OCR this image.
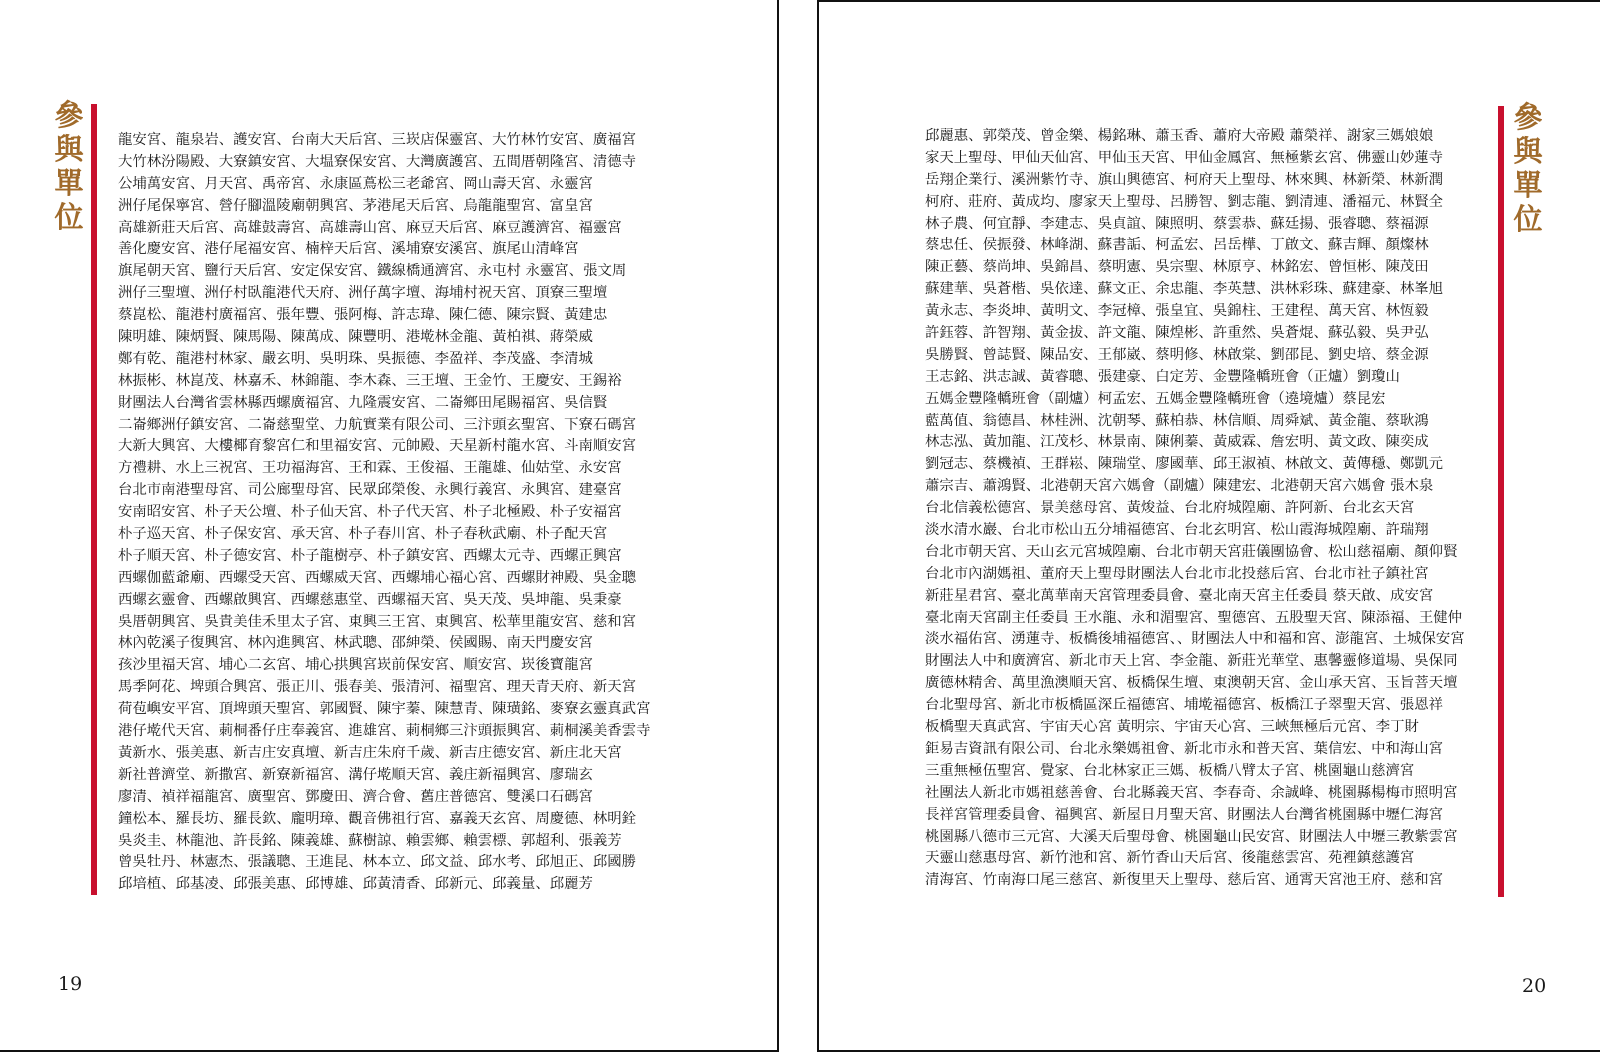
參
與
單
位
龍安宮、龍泉岩、護安宮、台南大天后宮、三崁店保靈宮、大竹林竹安宮、廣福宮
大竹林汾陽殿、大寮鎮安宮、大塭寮保安宮、大灣廣護宮、五間厝朝隆宮、清德寺
公埔萬安宮、月天宮、禹帝宮、永康區蔦松三老爺宮、岡山壽天宮、永靈宮
洲仔尾保寧宮、營仔腳溫陵廟朝興宮、茅港尾天后宮、烏龍龍聖宮、富皇宮
高雄新莊天后宮、高雄鼓壽宮、高雄壽山宮、麻豆天后宮、麻豆護濟宮、福靈宮
善化慶安宮、港仔尾福安宮、楠梓天后宮、溪埔寮安溪宮、旗尾山清峰宮
旗尾朝天宮、鹽行天后宮、安定保安宮、鐵線橋通濟宮、永屯村 永靈宮、張文周
洲仔三聖壇、洲仔村臥龍港代天府、洲仔萬字壇、海埔村祝天宮、頂寮三聖壇
蔡崑松、龍港村廣福宮、張年豐、張阿梅、許志瑋、陳仁德、陳宗賢、黃建忠
陳明雄、陳炳賢、陳馬陽、陳萬成、陳豐明、港墘林金龍、黃柏祺、蔣榮威
鄭有乾、龍港村林家、嚴玄明、吳明珠、吳振德、李盈祥、李茂盛、李清城
林振彬、林崑茂、林嘉禾、林錦龍、李木森、三王壇、王金竹、王慶安、王錫裕
財團法人台灣省雲林縣西螺廣福宮、九隆震安宮、二崙鄉田尾賜福宮、吳信賢
二崙鄉洲仔鎮安宮、二崙慈聖堂、力航實業有限公司、三汴頭玄聖宮、下寮石碼宮
大新大興宮、大樓椰育黎宮仁和里福安宮、元帥殿、天星新村龍水宮、斗南順安宮
方禮耕、水上三祝宮、王功福海宮、王和霖、王俊福、王龍雄、仙姑堂、永安宮
台北市南港聖母宮、司公廊聖母宮、民眾邱榮俊、永興行義宮、永興宮、建臺宮
安南昭安宮、朴子天公壇、朴子仙天宮、朴子代天宮、朴子北極殿、朴子安福宮
朴子巡天宮、朴子保安宮、承天宮、朴子春川宮、朴子春秋武廟、朴子配天宮
朴子順天宮、朴子德安宮、朴子龍樹亭、朴子鎮安宮、西螺太元寺、西螺正興宮
西螺伽藍爺廟、西螺受天宮、西螺威天宮、西螺埔心福心宮、西螺財神殿、吳金聰
西螺玄靈會、西螺啟興宮、西螺慈惠堂、西螺福天宮、吳天茂、吳坤龍、吳秉豪
吳厝朝興宮、吳貴美佳禾里太子宮、東興三王宮、東興宮、松華里龍安宮、慈和宮
林內乾溪子復興宮、林內進興宮、林武聰、邵紳榮、侯國賜、南天門慶安宮
孩沙里福天宮、埔心二玄宮、埔心拱興宮崁前保安宮、順安宮、崁後寶龍宮
馬季阿花、埤頭合興宮、張正川、張春美、張清河、福聖宮、理天青天府、新天宮
荷苞嶼安平宮、頂埤頭天聖宮、郭國賢、陳宇蓁、陳慧青、陳璜銘、麥寮玄靈真武宮
港仔墘代天宮、莿桐番仔庄奉義宮、進雄宮、莿桐鄉三汴頭振興宮、莿桐溪美香雲寺
黃新水、張美惠、新吉庄安真壇、新吉庄朱府千歲、新吉庄德安宮、新庄北天宮
新社普濟堂、新撒宮、新寮新福宮、溝仔墘順天宮、義庄新福興宮、廖瑞玄
廖清、禎祥福龍宮、廣聖宮、鄧慶田、濟合會、舊庄普德宮、雙溪口石碼宮
鐘松本、羅長坊、羅長欽、龐明璋、觀音佛祖行宮、嘉義天玄宮、周慶德、林明銓
吳炎圭、林龍池、許長銘、陳義雄、蘇樹諒、賴雲鄉、賴雲標、郭超利、張義芳
曾吳牡丹、林憲杰、張議聰、王進昆、林本立、邱文益、邱水考、邱旭正、邱國勝
邱培植、邱基凌、邱張美惠、邱博雄、邱黃清香、邱新元、邱義量、邱麗芳
19
邱麗惠、郭榮茂、曾金樂、楊銘琳、蕭玉香、蕭府大帝殿 蕭榮祥、謝家三媽娘娘
家天上聖母、甲仙天仙宮、甲仙玉天宮、甲仙金鳳宮、無極紫玄宮、佛靈山妙蓮寺
岳翔企業行、溪洲紫竹寺、旗山興德宮、柯府天上聖母、林來興、林新榮、林新潤
柯府、莊府、黃成均、廖家天上聖母、呂勝智、劉志龍、劉清連、潘福元、林賢全
林子農、何宜靜、李建志、吳貞誼、陳照明、蔡雲恭、蘇廷揚、張睿聰、蔡福源
蔡忠任、侯振發、林峰湖、蘇書詬、柯孟宏、呂岳樺、丁啟文、蘇吉輝、顏燦林
陳正藝、蔡尚坤、吳錦昌、蔡明憲、吳宗聖、林原亨、林銘宏、曾恒彬、陳茂田
蘇建華、吳蒼楷、吳依達、蘇文正、余忠龍、李英慧、洪林彩珠、蘇建豪、林峯旭
黃永志、李炎坤、黃明文、李冠樟、張皇宜、吳錦柱、王建程、萬天宮、林恆毅
許鈺蓉、許智翔、黃金拔、許文龍、陳煌彬、許重然、吳蒼焜、蘇弘毅、吳尹弘
吳勝賢、曾誌賢、陳品安、王郁崴、蔡明修、林啟棠、劉邵昆、劉史培、蔡金源
王志銘、洪志誠、黃睿聰、張建豪、白定芳、金豐隆轎班會（正爐）劉瓊山
五媽金豐隆轎班會（副爐）柯孟宏、五媽金豐隆轎班會（遶境爐）蔡昆宏
藍萬值、翁德昌、林桂洲、沈朝琴、蘇柏恭、林信順、周舜斌、黃金龍、蔡耿鴻
林志泓、黃加龍、江茂杉、林景南、陳俐蓁、黃威霖、詹宏明、黃文政、陳奕成
劉冠志、蔡機禎、王群崧、陳瑞堂、廖國華、邱王淑禎、林啟文、黃傳穩、鄭凱元
蕭宗吉、蕭鴻賢、北港朝天宮六媽會（副爐）陳建宏、北港朝天宮六媽會 張木泉
台北信義松德宮、景美慈母宮、黃焌益、台北府城隍廟、許阿新、台北玄天宮
淡水清水巖、台北市松山五分埔福德宮、台北玄明宮、松山霞海城隍廟、許瑞翔
台北市朝天宮、天山玄元宮城隍廟、台北市朝天宮莊儀團協會、松山慈福廟、顏仰賢
台北市內湖媽祖、董府天上聖母財團法人台北市北投慈后宮、台北市社子鎮社宮
新莊星君宮、臺北萬華南天宮管理委員會、臺北南天宮主任委員 蔡天啟、成安宮
臺北南天宮副主任委員 王水龍、永和湄聖宮、聖德宮、五股聖天宮、陳添福、王健仲
淡水福佑宮、湧蓮寺、板橋後埔福德宮、、財團法人中和福和宮、澎龍宮、土城保安宮
財團法人中和廣濟宮、新北市天上宮、李金龍、新莊光華堂、惠馨靈修道場、吳保同
廣德林精舍、萬里漁澳順天宮、板橋保生壇、東澳朝天宮、金山承天宮、玉旨菩天壇
台北聖母宮、新北市板橋區深丘福德宮、埔墘福德宮、板橋江子翠聖天宮、張恩祥
板橋聖天真武宮、宇宙天心宮 黃明宗、宇宙天心宮、三峽無極后元宮、李丁財
鉅易吉資訊有限公司、台北永樂媽祖會、新北市永和普天宮、葉信宏、中和海山宮
三重無極伍聖宮、覺家、台北林家正三媽、板橋八臂太子宮、桃園龜山慈濟宮
社團法人新北市媽祖慈善會、台北縣義天宮、李春奇、余誠峰、桃園縣楊梅市照明宮
長祥宮管理委員會、福興宮、新屋日月聖天宮、財團法人台灣省桃園縣中壢仁海宮
桃園縣八德市三元宮、大溪天后聖母會、桃園龜山民安宮、財團法人中壢三教紫雲宮
天靈山慈惠母宮、新竹池和宮、新竹香山天后宮、後龍慈雲宮、苑裡鎮慈護宮
清海宮、竹南海口尾三慈宮、新復里天上聖母、慈后宮、通霄天宮池王府、慈和宮
參
與
單
位
20
